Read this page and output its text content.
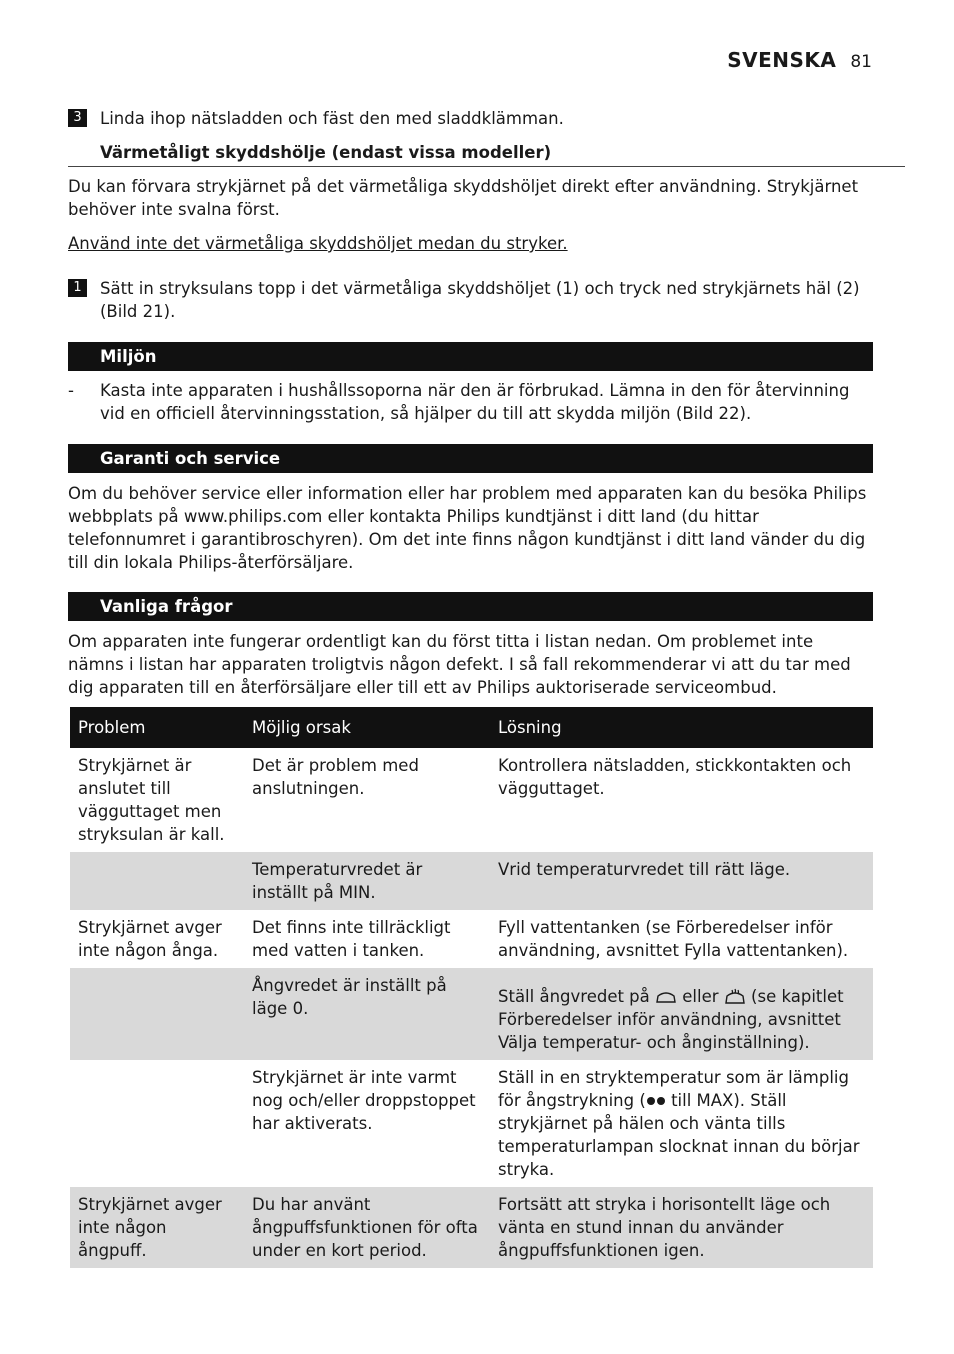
SVENSKA 81
3	Linda ihop nätsladden och fäst den med sladdklämman.
Värmetåligt skyddshölje (endast vissa modeller)
Du kan förvara strykjärnet på det värmetåliga skyddshöljet direkt efter användning. Strykjärnet behöver inte svalna först.
Använd inte det värmetåliga skyddshöljet medan du stryker.
1	Sätt in stryksulans topp i det värmetåliga skyddshöljet (1) och tryck ned strykjärnets häl (2) (Bild 21).
Miljön
-	Kasta inte apparaten i hushållssoporna när den är förbrukad. Lämna in den för återvinning vid en officiell återvinningsstation, så hjälper du till att skydda miljön (Bild 22).
Garanti och service
Om du behöver service eller information eller har problem med apparaten kan du besöka Philips webbplats på www.philips.com eller kontakta Philips kundtjänst i ditt land (du hittar telefonnumret i garantibroschyren). Om det inte finns någon kundtjänst i ditt land vänder du dig till din lokala Philips-återförsäljare.
Vanliga frågor
Om apparaten inte fungerar ordentligt kan du först titta i listan nedan. Om problemet inte nämns i listan har apparaten troligtvis någon defekt. I så fall rekommenderar vi att du tar med dig apparaten till en återförsäljare eller till ett av Philips auktoriserade serviceombud.
Problem	Möjlig orsak	Lösning
Strykjärnet är anslutet till vägguttaget men stryksulan är kall.	Det är problem med anslutningen.	Kontrollera nätsladden, stickkontakten och vägguttaget.
	Temperaturvredet är inställt på MIN.	Vrid temperaturvredet till rätt läge.
Strykjärnet avger inte någon ånga.	Det finns inte tillräckligt med vatten i tanken.	Fyll vattentanken (se Förberedelser inför användning, avsnittet Fylla vattentanken).
	Ångvredet är inställt på läge 0.	Ställ ångvredet på eller (se kapitlet Förberedelser inför användning, avsnittet Välja temperatur- och ånginställning).
	Strykjärnet är inte varmt nog och/eller droppstoppet har aktiverats.	Ställ in en stryktemperatur som är lämplig för ångstrykning ( till MAX). Ställ strykjärnet på hälen och vänta tills temperaturlampan slocknat innan du börjar stryka.
Strykjärnet avger inte någon ångpuff.	Du har använt ångpuffsfunktionen för ofta under en kort period.	Fortsätt att stryka i horisontellt läge och vänta en stund innan du använder ångpuffsfunktionen igen.
